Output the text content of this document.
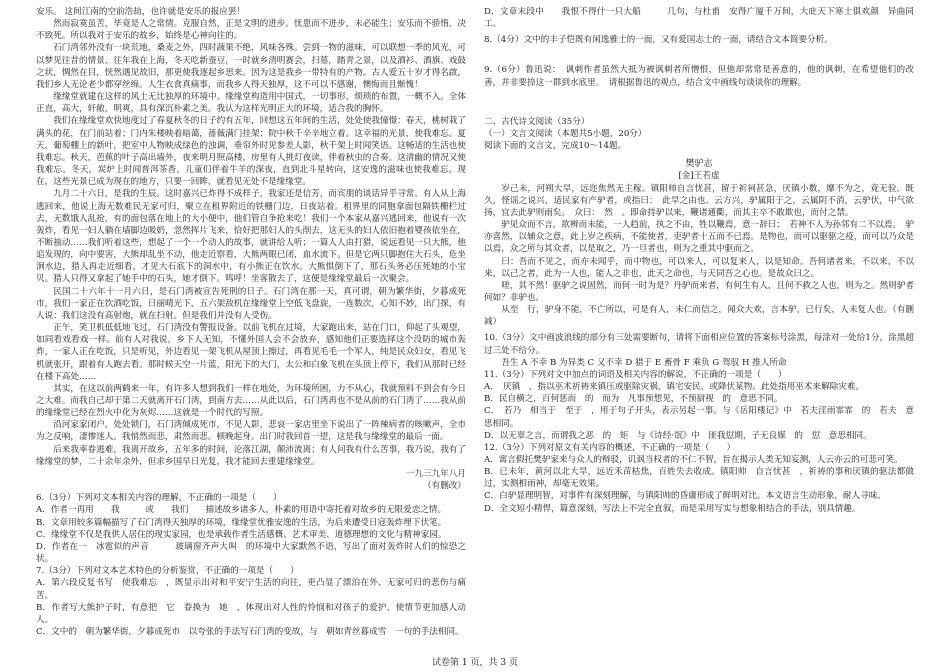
安乐。 这间江南的空前浩劫，也许就是安乐的报应罢！

然而寂寞虽苦，毕竟是人之常情。克服自然，正是文明的进步。忧患而不进步，未必能生；安乐而不骄惰，决不致死。所以我对于安乐的故乡，始终是心神向往的。

石门湾邻外没有一块荒地，桑麦之外，四时蔬果不绝，风味各殊。尝到一物的滋味，可以联想一季的风光，可以梦见往昔的情景。往年我在上海，冬天吃新蚕豆，一时就乡清明赛会，扫墓，踏青之景，以及酒衫、酒旗、戏鼓之状，惆然在目，恍然遇见故旧，那更使我逐起乡思来。因为这是我乡一带特有的产物。古人爱五十岁才得名啟，我们乡人无论老少都穿丝绵。人生衣食真痛事，而我乡人得天独厚，这不可以不感谢，懊悔而且惭愧！

缘缘堂就建在这样的风土无比独厚的环境中。缘缘堂构造用中国式，一切事形，烦琐的布置，一概不入。全体正直，高大，轩敞，明爽，具有深沉朴素之美。我认为这样光明正大的环境，适合我的胸怀。

我们在缘缘堂欢快地度过了春夏秋冬的日子约有五年，回想这五年间的生活，处处使我憧憬：春天，桃树栽了满头的花，在门前站着；门内朱楼映着暗蔼，蔷薇满门挂架；院中秋千辛辛地立着。这幸福的光景，使我难忘。夏天，葡萄棚上的新叶，把室中人物映成绿色的浊调，垂帘外时见参差人影，秋千架上时闻笑语。这畅适的生活也使我难忘。秋天，芭蕉的叶子高出墙外，夜来明月照高楼，房里有人挑灯夜读，伴着秋虫的合奏。这清幽的情况又使我难忘。冬天，炭炉上时闻普洱茶香，儿童们伴着牛羊的深夜，直到北斗星转向，这安逸的滋味也使我难忘。现在，这些光景已成为现在的地方，只要一回眸，就看见无处不是缘缘堂。

九月二十六日，是我的生辰。这时嘉兴已炸得不成样子，我家还是信芳，而宾朋的谈话异乎寻常。有人从上海逃回来，他说上海无数难民无家可归，聚立在租界附近的铁栅门边，日夜站着。租界里的同胞拿面包隔铁栅栏过去，无数饿人乱抢，有的面包落在地上的大小便中，他们管自争抢来吃！我们一个本家从嘉兴逃回来，他说有一次轰炸，看见一妇人躺在墙脚边吸奶，忽然挥片飞来，恰好把那妇人的头削去，这无头的妇人依旧抱着婴孩依坐在，不断抽动……我们听着这些，想起了一个一个动人的故事，就讲给人听；一篇人人由打猎，说远看见一只大熊，他追发现的，向中要害，大熊却乱坐不动，他走近察看，大熊两眼已闭，血水流下。但是它两只脚抱住大石头，危坐涧水边，猎人再走近细看，才见大石底下的洞水中，有小熊正在饮水。大熊惧倒下了，那石头务必压死她的小宝贝。猎人只得又拿起了她手中的石头，她才倒下。鸣呼！坐客散去了，这便是缘缘堂最后一次聚会。

民国二十六年十一月六日，是石门湾被宣告死刑的日子。石门湾在那一天，真可谓，朝为繁华街，夕暮成死市，我们一家正在饮酒吃饭，日丽晴光下，五六架敌机在缘缘堂上空低飞盘旋，一连数次，心知不妙，出门探，有人说：我们这没有高射炮，就在扫射。但是我们并没有人受伤。

正午，笑卫机低低地飞过，石门湾没有警报设备。以前飞机在过境，大家跑出来，站在门口，仰起了头观望，如同看戏看戏一样。前有人对我说，乡下人无知，不懂外国人会不会放弃，感知他们正要选择这个没防的城市轰炸，一家人正在吃饭，只是听见，外边看见一架飞机从屋顶上擦过，再看见毛毛一个军人，纯是民众妇女，看见飞机就张开，跟着有人跑去看。那时候天空一片蓝，阳光下的大门，太公和白象飞机在头顶上停下，我们从那时已经在楼下高处……

其实，在这以前两鹤来一年，有许多人想到我们一样在地处，为环境所困，力不从心，我就预料不到会有今日之大难。而我自己却于第二天就离开石门湾，到南方去……从此以后，石门湾再也不是从前的石门湾了……我从前的缘缘堂已经在烈火中化为灰烬……这就是一个时代的写照。

沿河家家闭户，处处锁门，石门湾倾成死市，不见人影，悲哀一家店里坐下说出了一阵辣病者的咳嗽声，全市为之反响，凄惨迷人。我悄然而悲，肃然而悲。顿晚起身。出门时我回首一望，这是我与缘缘堂的最后一面。

后来我率眷逃难，我离开故乡，五年多的时间，沦落江湖，颠沛流离；有人问我有什么苦事，我乃说，我有了缘缘堂的梦，二十余年余外，但求乡国早日光复，我才能回去重建缘缘堂。

一九三九年八月

（有删改）

6.（3分）下列对文本相关内容的理解，不正确的一项是（　　）

A．作者一再用　　我　　　或　　我们　　描述故乡诸多人，朴素的用语中寄托着对故乡的无限爱恋之情。

B．文章用较多篇幅描写了石门湾得天独厚的环境，缘缘堂优雅安逸的生活，为后来遭受日寇轰炸埋下伏笔。

C．缘缘堂不仅是我供人居住的现实家园，也是承载作者生活感慨、艺术审美、道德理想的文化与精神家园。

D．作者在一　冰雹似的声音　　　玻璃窗齐声大叫　的环境中大家默然不语，写出了面对轰炸时人们的惊恐之状。

7.（3分）下列对文本艺术特色的分析鉴赏，不正确的一项是（　　）

A．第六段反复书写　使我难忘　，既显示出对和平安宁生活的向往，更凸显了漂泊在外、无家可归的悲伤与痛苦。

B．作者写大熊护子时，有意把　它　眷换为　她　，体现出对人性的怜悯和对孩子的爱护，使情节更加感人动人。

C．文中的　朝为繁华街，夕暮成死市　以夸张的手法写石门湾的变故，与　朝如青丝暮成雪　一句的手法相同。

D．文章末段中　　我恨不得什一只大船　　　几句，与杜甫　安得广厦千万间，大庇天下寒士俱欢颜　异曲同工。

8.（4分）文中的丰子恺既有闲逸雅士的一面，又有爱国志士的一面，请结合文本简要分析。

9.（6分）鲁迅说：　讽刺作者虽然大抵为被讽刺者所憎恨，但他却常常是善意的，他的讽刺，在希望他们的改善，并非要捺这一群到水底里。　请根据鲁迅的观点，结合文中画线句谈谈你的理解。

二、古代诗文阅读（35分）

（一）文言文阅读（本题共5小题，20分）

阅读下面的文言文，完成10～14题。

樊驴志

[金]王若虚

岁己未，河朔大旱，远迩焦然无主稼。镇阳帅自言忧甚，留于祈祠甚急，厌镇小数，靡不为之，竟无验。既久，怪谣之说兴，适民家有产驴者，或指曰：　此旱之由也。云方兴，驴属阳于之，云属阴不消，云驴伏，中气欲扬，宜去此驴则雨矣。　众曰：　然　。即命持驴以来，鞭诸通衢，而其主卒不敢欺也，而付之禁。

驴见众而不言，欲辨而未能，一人趋前，执之不由，牲以鞭焉，意一辞曰：　若神不人为孙邻有二不以焉。　驴亦喜然，以辅众之意，此上岁之疾病，不能使者，吏驴者十五而不已焉。是物也，而可以驱驱之疫，而可以乃众是以焉，众之所与其众者，以是取之，乃一旦者也，则为之重其中驱而之。

曰：吾而不见之，而亦未闻乎，而中物也，可以来人，可以复来人，以是知命。吾何诸者来，不以来，不以来，以己之者，此为一人也，能人之非也，此天之命也，与天同吾之心也。是故众曰之。

嗟，其不然！驱驴之说固然，而何一时为是？丹驴而来者，有何生有人，且何不救之人也，则为之。然则驴者何如？非驴也。

从至　行，驴身不能，不亡所以，可是有人，未仁而信之，闻众大欢，言本驴，已行矣，人未复人也。（有删减）

10.（3分）文中画波浪线的部分有三处需要断句，请将下面相应位置的答案标号涂黑，每涂对一处给1分，涂黑超过三处不给分。

吾生 A 不幸 B 为异类 C 又不幸 D 猎于 E 畜骨 F 乘负 G 驾驭 H 推人所命

11.（3分）下列对文中加点的词语及相关内容的解说，不正确的一项是（　　）

A．　厌镇　，指以巫术祈祷来镇压或驱除灾祸，镇宅安民，或降伏某物。此处指用巫术来解除灾难。

B．民自横之，百何惩而　的　而为　凡事预想见，不预厨视　的　意思不同。

C．　若乃　相当于　至于　，用于句子开头，表示另起一事。与《岳阳楼记》中　若夫淫雨霏霏　的　若夫　意思相同。

D．以无辜之言，而谓我之恶　的　矩　与《诗经·氓》中　匪我愆期，子无良媒　的　愆　意思相同。

12.（3分）下列对原文有关内容的概述，不正确的一项是（　　）

A．寓言假托樊驴家来与众人的辩驳，讥讽当权者的不仁不智，旨在揭示人类无知妄测，人云亦云的可悲可笑。

B．已未年，黄河以北大旱，远近禾苗枯焦，百姓失去收成。镇阳帅　自言忧甚　，祈祷的事和厌镇的驱法都做过，实测相雨神，却毫无效果。

C．白驴显理明智，对事件有深刻理解，与镇阳帅的昏庸形成了鲜明对比。本文语言生动形象，耐人寻味。

D．全文短小精悍，篇意深刻，写法上不完全直叙，而是采用写实与想象相结合的手法，别具情趣。

试卷第 1 页，共 3 页
